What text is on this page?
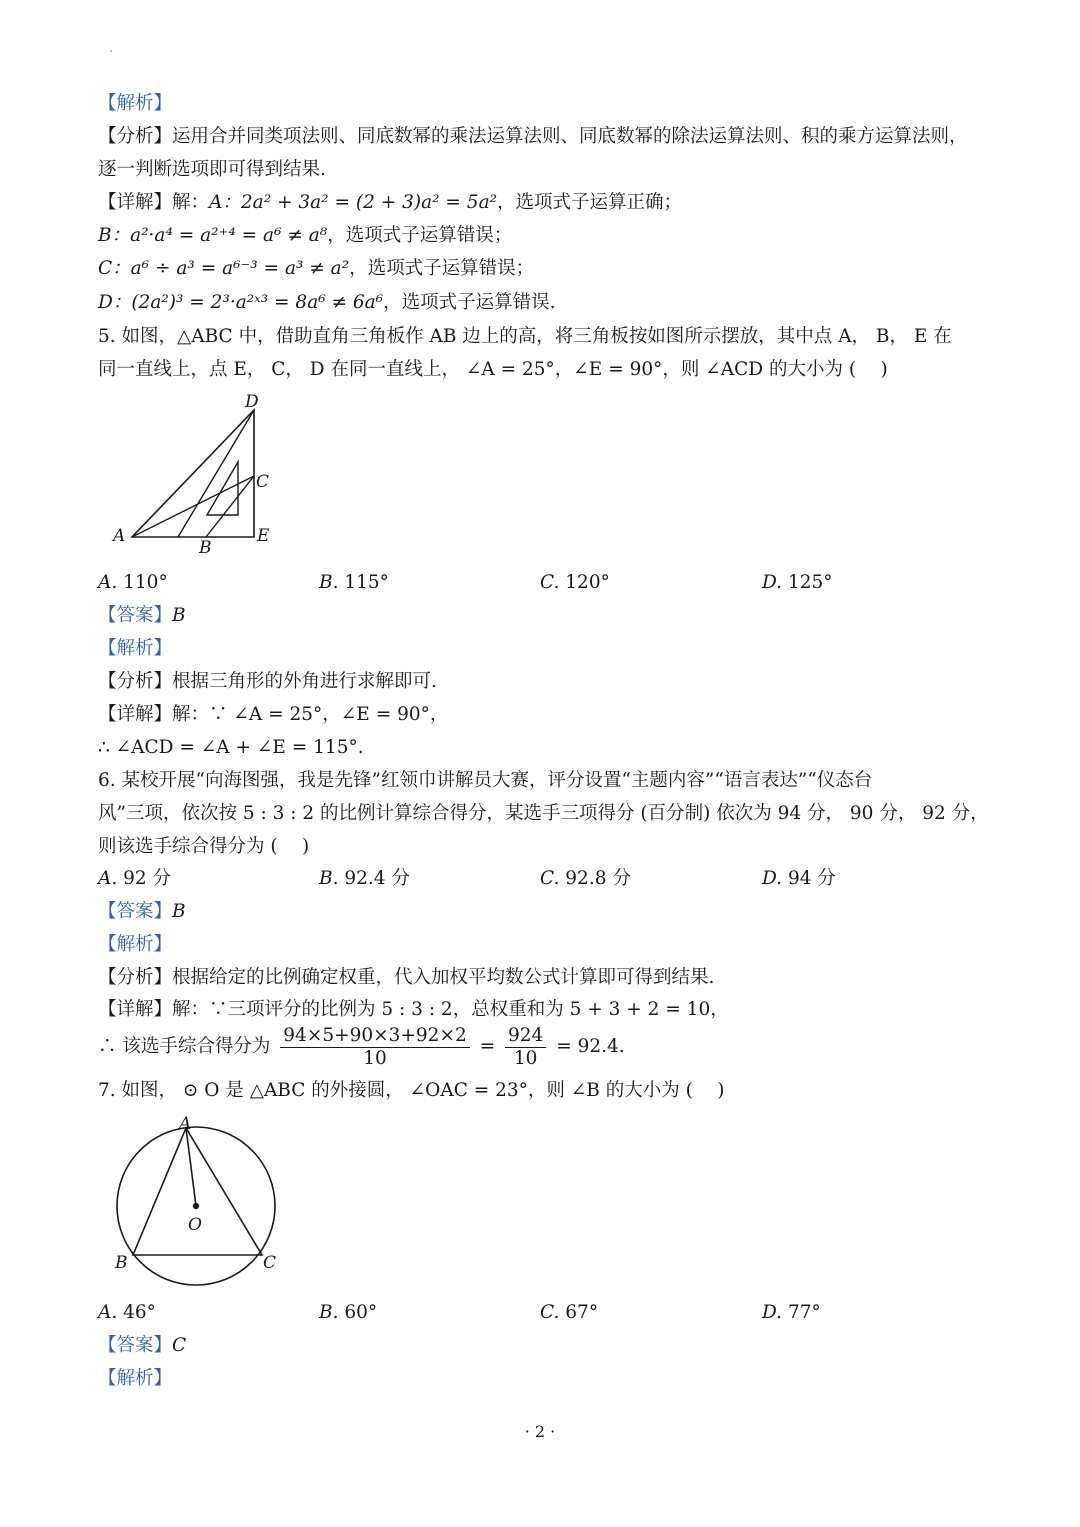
【解析】
【分析】运用合并同类项法则、同底数幂的乘法运算法则、同底数幂的除法运算法则、积的乘方运算法则，
逐一判断选项即可得到结果.
【详解】解：A：2a² + 3a² = (2 + 3)a² = 5a²，选项式子运算正确；
B：a²·a⁴ = a²⁺⁴ = a⁶ ≠ a⁸，选项式子运算错误；
C：a⁶ ÷ a³ = a⁶⁻³ = a³ ≠ a²，选项式子运算错误；
D：(2a²)³ = 2³·a²ˣ³ = 8a⁶ ≠ 6a⁶，选项式子运算错误.
5. 如图，△ABC 中，借助直角三角板作 AB 边上的高，将三角板按如图所示摆放，其中点 A， B， E 在
同一直线上，点 E， C， D 在同一直线上， ∠A = 25°，∠E = 90°，则 ∠ACD 的大小为 (　 )
A
B
C
D
E
A. 110°	B. 115°	C. 120°	D. 125°
【答案】B
【解析】
【分析】根据三角形的外角进行求解即可.
【详解】解：∵ ∠A = 25°，∠E = 90°，
∴ ∠ACD = ∠A + ∠E = 115°.
6. 某校开展“向海图强，我是先锋”红领巾讲解员大赛，评分设置“主题内容”“语言表达”“仪态台
风”三项，依次按 5 : 3 : 2 的比例计算综合得分，某选手三项得分 (百分制) 依次为 94 分， 90 分， 92 分，
则该选手综合得分为 (　 )
A. 92 分	B. 92.4 分	C. 92.8 分	D. 94 分
【答案】B
【解析】
【分析】根据给定的比例确定权重，代入加权平均数公式计算即可得到结果.
【详解】解：∵三项评分的比例为 5 : 3 : 2，总权重和为 5 + 3 + 2 = 10，
∴ 该选手综合得分为 $\frac{94\times 5+90\times 3+92\times 2}{10} = \frac{924}{10} = 92.4$.
7. 如图， ⊙ O 是 △ABC 的外接圆， ∠OAC = 23°，则 ∠B 的大小为 (　 )
A
B	C
O
A. 46°	B. 60°	C. 67°	D. 77°
【答案】C
【解析】
· 2 ·
